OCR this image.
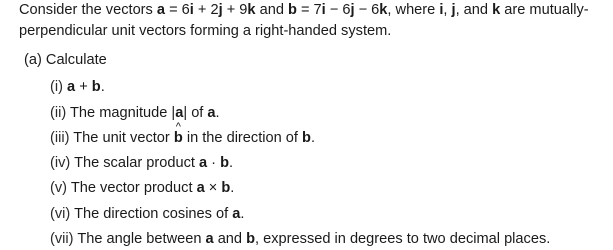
Consider the vectors a = 6i + 2j + 9k and b = 7i − 6j − 6k, where i, j, and k are mutually-
perpendicular unit vectors forming a right-handed system.
(a) Calculate
(i) a + b.
(ii) The magnitude |a| of a.
(iii) The unit vector
^
b in the direction of b.
(iv) The scalar product a · b.
(v) The vector product a × b.
(vi) The direction cosines of a.
(vii) The angle between a and b, expressed in degrees to two decimal places.
